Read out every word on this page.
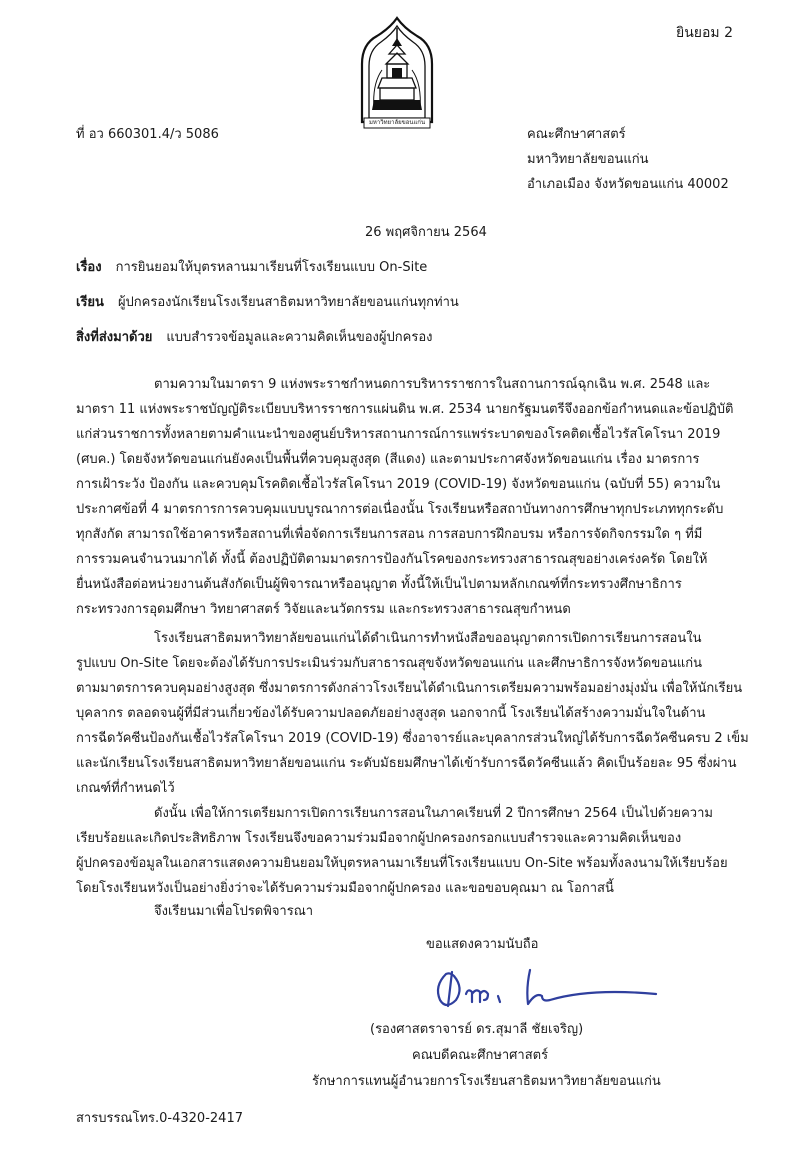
ยินยอม 2
มหาวิทยาลัยขอนแก่น
ที่ อว 660301.4/ว 5086	คณะศึกษาศาสตร์
มหาวิทยาลัยขอนแก่น
อำเภอเมือง จังหวัดขอนแก่น 40002
26 พฤศจิกายน 2564
เรื่อง การยินยอมให้บุตรหลานมาเรียนที่โรงเรียนแบบ On-Site
เรียน ผู้ปกครองนักเรียนโรงเรียนสาธิตมหาวิทยาลัยขอนแก่นทุกท่าน
สิ่งที่ส่งมาด้วย แบบสำรวจข้อมูลและความคิดเห็นของผู้ปกครอง
ตามความในมาตรา 9 แห่งพระราชกำหนดการบริหารราชการในสถานการณ์ฉุกเฉิน พ.ศ. 2548 และ
มาตรา 11 แห่งพระราชบัญญัติระเบียบบริหารราชการแผ่นดิน พ.ศ. 2534 นายกรัฐมนตรีจึงออกข้อกำหนดและข้อปฏิบัติ
แก่ส่วนราชการทั้งหลายตามคำแนะนำของศูนย์บริหารสถานการณ์การแพร่ระบาดของโรคติดเชื้อไวรัสโคโรนา 2019
(ศบค.) โดยจังหวัดขอนแก่นยังคงเป็นพื้นที่ควบคุมสูงสุด (สีแดง) และตามประกาศจังหวัดขอนแก่น เรื่อง มาตรการ
การเฝ้าระวัง ป้องกัน และควบคุมโรคติดเชื้อไวรัสโคโรนา 2019 (COVID-19) จังหวัดขอนแก่น (ฉบับที่ 55) ความใน
ประกาศข้อที่ 4 มาตรการการควบคุมแบบบูรณาการต่อเนื่องนั้น โรงเรียนหรือสถาบันทางการศึกษาทุกประเภททุกระดับ
ทุกสังกัด สามารถใช้อาคารหรือสถานที่เพื่อจัดการเรียนการสอน การสอบการฝึกอบรม หรือการจัดกิจกรรมใด ๆ ที่มี
การรวมคนจำนวนมากได้ ทั้งนี้ ต้องปฏิบัติตามมาตรการป้องกันโรคของกระทรวงสาธารณสุขอย่างเคร่งครัด โดยให้
ยื่นหนังสือต่อหน่วยงานต้นสังกัดเป็นผู้พิจารณาหรืออนุญาต ทั้งนี้ให้เป็นไปตามหลักเกณฑ์ที่กระทรวงศึกษาธิการ
กระทรวงการอุดมศึกษา วิทยาศาสตร์ วิจัยและนวัตกรรม และกระทรวงสาธารณสุขกำหนด
โรงเรียนสาธิตมหาวิทยาลัยขอนแก่นได้ดำเนินการทำหนังสือขออนุญาตการเปิดการเรียนการสอนใน
รูปแบบ On-Site โดยจะต้องได้รับการประเมินร่วมกับสาธารณสุขจังหวัดขอนแก่น และศึกษาธิการจังหวัดขอนแก่น
ตามมาตรการควบคุมอย่างสูงสุด ซึ่งมาตรการดังกล่าวโรงเรียนได้ดำเนินการเตรียมความพร้อมอย่างมุ่งมั่น เพื่อให้นักเรียน
บุคลากร ตลอดจนผู้ที่มีส่วนเกี่ยวข้องได้รับความปลอดภัยอย่างสูงสุด นอกจากนี้ โรงเรียนได้สร้างความมั่นใจในด้าน
การฉีดวัคซีนป้องกันเชื้อไวรัสโคโรนา 2019 (COVID-19) ซึ่งอาจารย์และบุคลากรส่วนใหญ่ได้รับการฉีดวัคซีนครบ 2 เข็ม
และนักเรียนโรงเรียนสาธิตมหาวิทยาลัยขอนแก่น ระดับมัธยมศึกษาได้เข้ารับการฉีดวัคซีนแล้ว คิดเป็นร้อยละ 95 ซึ่งผ่าน
เกณฑ์ที่กำหนดไว้
ดังนั้น เพื่อให้การเตรียมการเปิดการเรียนการสอนในภาคเรียนที่ 2 ปีการศึกษา 2564 เป็นไปด้วยความ
เรียบร้อยและเกิดประสิทธิภาพ โรงเรียนจึงขอความร่วมมือจากผู้ปกครองกรอกแบบสำรวจและความคิดเห็นของ
ผู้ปกครองข้อมูลในเอกสารแสดงความยินยอมให้บุตรหลานมาเรียนที่โรงเรียนแบบ On-Site พร้อมทั้งลงนามให้เรียบร้อย
โดยโรงเรียนหวังเป็นอย่างยิ่งว่าจะได้รับความร่วมมือจากผู้ปกครอง และขอขอบคุณมา ณ โอกาสนี้
จึงเรียนมาเพื่อโปรดพิจารณา
ขอแสดงความนับถือ
(รองศาสตราจารย์ ดร.สุมาลี ชัยเจริญ)
คณบดีคณะศึกษาศาสตร์
รักษาการแทนผู้อำนวยการโรงเรียนสาธิตมหาวิทยาลัยขอนแก่น
สารบรรณโทร.0-4320-2417
